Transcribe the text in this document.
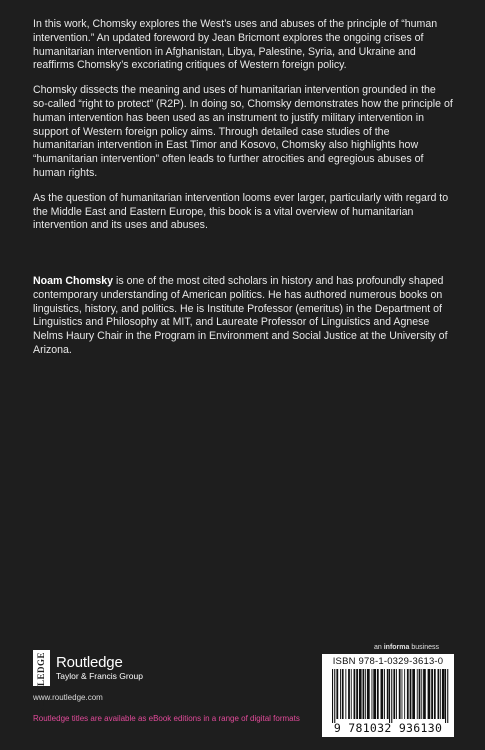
In this work, Chomsky explores the West’s uses and abuses of the principle of “human intervention.” An updated foreword by Jean Bricmont explores the ongoing crises of humanitarian intervention in Afghanistan, Libya, Palestine, Syria, and Ukraine and reaffirms Chomsky’s excoriating critiques of Western foreign policy.

Chomsky dissects the meaning and uses of humanitarian intervention grounded in the so-called “right to protect” (R2P). In doing so, Chomsky demonstrates how the principle of human intervention has been used as an instrument to justify military intervention in support of Western foreign policy aims. Through detailed case studies of the humanitarian intervention in East Timor and Kosovo, Chomsky also highlights how “humanitarian intervention” often leads to further atrocities and egregious abuses of human rights.

As the question of humanitarian intervention looms ever larger, particularly with regard to the Middle East and Eastern Europe, this book is a vital overview of humanitarian intervention and its uses and abuses.

Noam Chomsky is one of the most cited scholars in history and has profoundly shaped contemporary understanding of American politics. He has authored numerous books on linguistics, history, and politics. He is Institute Professor (emeritus) in the Department of Linguistics and Philosophy at MIT, and Laureate Professor of Linguistics and Agnese Nelms Haury Chair in the Program in Environment and Social Justice at the University of Arizona.
an informa business
ROUTLEDGE Routledge
Taylor & Francis Group
www.routledge.com
Routledge titles are available as eBook editions in a range of digital formats
ISBN 978-1-0329-3613-0
9 781032 936130
